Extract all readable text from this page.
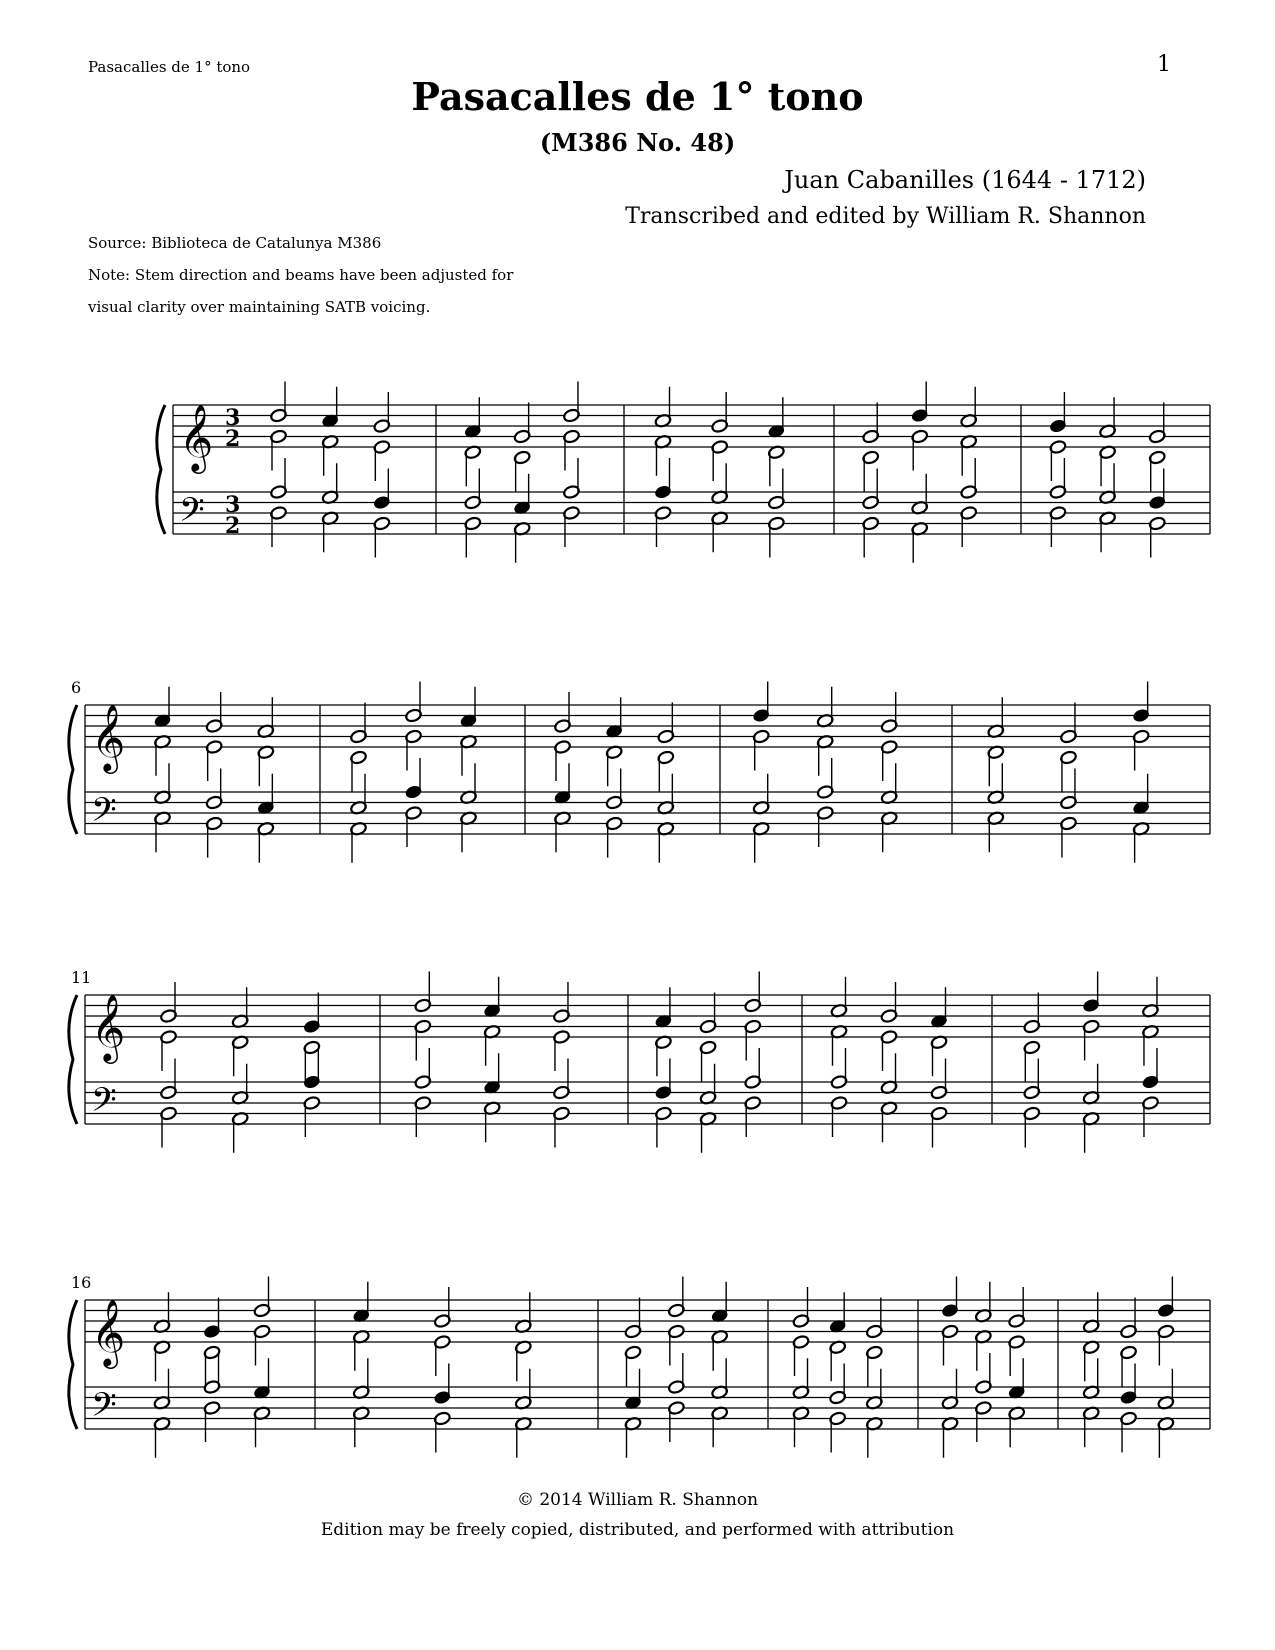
Pasacalles de 1° tono	1
Pasacalles de 1° tono
(M386 No. 48)
Juan Cabanilles (1644 - 1712)
Transcribed and edited by William R. Shannon
Source: Biblioteca de Catalunya M386
Note: Stem direction and beams have been adjusted for
visual clarity over maintaining SATB voicing.
𝄞
𝄢
3
2
3
2
𝄞
𝄢
6
𝄞
𝄢
11
𝄞
𝄢
16
© 2014 William R. Shannon
Edition may be freely copied, distributed, and performed with attribution
